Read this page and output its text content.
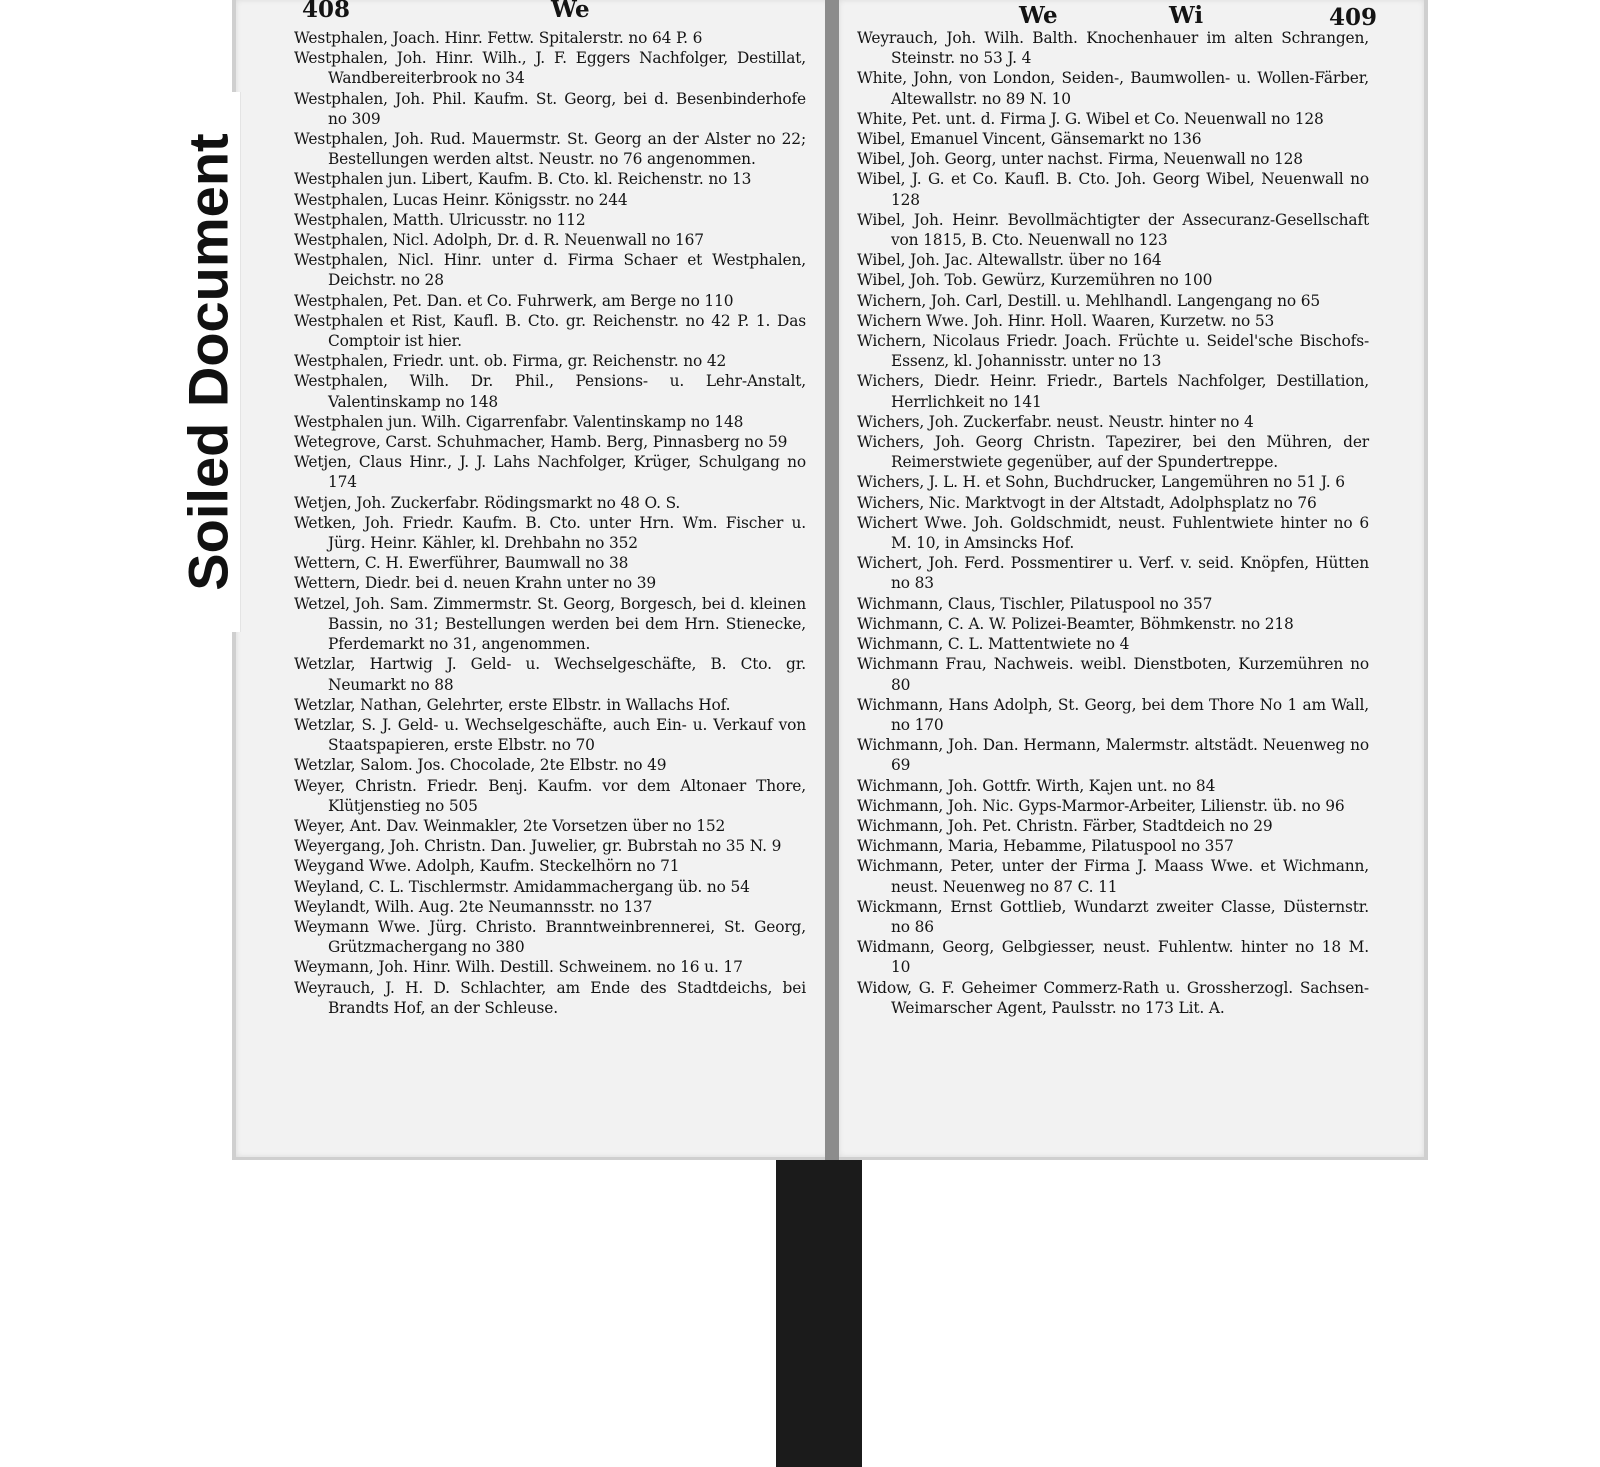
408	We
Westphalen, Joach. Hinr. Fettw. Spitalerstr. no 64 P. 6
Westphalen, Joh. Hinr. Wilh., J. F. Eggers Nachfolger, Destillat, Wandbereiterbrook no 34
Westphalen, Joh. Phil. Kaufm. St. Georg, bei d. Besenbinderhofe no 309
Westphalen, Joh. Rud. Mauermstr. St. Georg an der Alster no 22; Bestellungen werden altst. Neustr. no 76 angenommen.
Westphalen jun. Libert, Kaufm. B. Cto. kl. Reichenstr. no 13
Westphalen, Lucas Heinr. Königsstr. no 244
Westphalen, Matth. Ulricusstr. no 112
Westphalen, Nicl. Adolph, Dr. d. R. Neuenwall no 167
Westphalen, Nicl. Hinr. unter d. Firma Schaer et Westphalen, Deichstr. no 28
Westphalen, Pet. Dan. et Co. Fuhrwerk, am Berge no 110
Westphalen et Rist, Kaufl. B. Cto. gr. Reichenstr. no 42 P. 1. Das Comptoir ist hier.
Westphalen, Friedr. unt. ob. Firma, gr. Reichenstr. no 42
Westphalen, Wilh. Dr. Phil., Pensions- u. Lehr-Anstalt, Valentinskamp no 148
Westphalen jun. Wilh. Cigarrenfabr. Valentinskamp no 148
Wetegrove, Carst. Schuhmacher, Hamb. Berg, Pinnasberg no 59
Wetjen, Claus Hinr., J. J. Lahs Nachfolger, Krüger, Schulgang no 174
Wetjen, Joh. Zuckerfabr. Rödingsmarkt no 48 O. S.
Wetken, Joh. Friedr. Kaufm. B. Cto. unter Hrn. Wm. Fischer u. Jürg. Heinr. Kähler, kl. Drehbahn no 352
Wettern, C. H. Ewerführer, Baumwall no 38
Wettern, Diedr. bei d. neuen Krahn unter no 39
Wetzel, Joh. Sam. Zimmermstr. St. Georg, Borgesch, bei d. kleinen Bassin, no 31; Bestellungen werden bei dem Hrn. Stienecke, Pferdemarkt no 31, angenommen.
Wetzlar, Hartwig J. Geld- u. Wechselgeschäfte, B. Cto. gr. Neumarkt no 88
Wetzlar, Nathan, Gelehrter, erste Elbstr. in Wallachs Hof.
Wetzlar, S. J. Geld- u. Wechselgeschäfte, auch Ein- u. Verkauf von Staatspapieren, erste Elbstr. no 70
Wetzlar, Salom. Jos. Chocolade, 2te Elbstr. no 49
Weyer, Christn. Friedr. Benj. Kaufm. vor dem Altonaer Thore, Klütjenstieg no 505
Weyer, Ant. Dav. Weinmakler, 2te Vorsetzen über no 152
Weyergang, Joh. Christn. Dan. Juwelier, gr. Bubrstah no 35 N. 9
Weygand Wwe. Adolph, Kaufm. Steckelhörn no 71
Weyland, C. L. Tischlermstr. Amidammachergang üb. no 54
Weylandt, Wilh. Aug. 2te Neumannsstr. no 137
Weymann Wwe. Jürg. Christo. Branntweinbrennerei, St. Georg, Grützmachergang no 380
Weymann, Joh. Hinr. Wilh. Destill. Schweinem. no 16 u. 17
Weyrauch, J. H. D. Schlachter, am Ende des Stadtdeichs, bei Brandts Hof, an der Schleuse.
We	Wi	409
Weyrauch, Joh. Wilh. Balth. Knochenhauer im alten Schrangen, Steinstr. no 53 J. 4
White, John, von London, Seiden-, Baumwollen- u. Wollen-Färber, Altewallstr. no 89 N. 10
White, Pet. unt. d. Firma J. G. Wibel et Co. Neuenwall no 128
Wibel, Emanuel Vincent, Gänsemarkt no 136
Wibel, Joh. Georg, unter nachst. Firma, Neuenwall no 128
Wibel, J. G. et Co. Kaufl. B. Cto. Joh. Georg Wibel, Neuenwall no 128
Wibel, Joh. Heinr. Bevollmächtigter der Assecuranz-Gesellschaft von 1815, B. Cto. Neuenwall no 123
Wibel, Joh. Jac. Altewallstr. über no 164
Wibel, Joh. Tob. Gewürz, Kurzemühren no 100
Wichern, Joh. Carl, Destill. u. Mehlhandl. Langengang no 65
Wichern Wwe. Joh. Hinr. Holl. Waaren, Kurzetw. no 53
Wichern, Nicolaus Friedr. Joach. Früchte u. Seidel'sche Bischofs-Essenz, kl. Johannisstr. unter no 13
Wichers, Diedr. Heinr. Friedr., Bartels Nachfolger, Destillation, Herrlichkeit no 141
Wichers, Joh. Zuckerfabr. neust. Neustr. hinter no 4
Wichers, Joh. Georg Christn. Tapezirer, bei den Mühren, der Reimerstwiete gegenüber, auf der Spundertreppe.
Wichers, J. L. H. et Sohn, Buchdrucker, Langemühren no 51 J. 6
Wichers, Nic. Marktvogt in der Altstadt, Adolphsplatz no 76
Wichert Wwe. Joh. Goldschmidt, neust. Fuhlentwiete hinter no 6 M. 10, in Amsincks Hof.
Wichert, Joh. Ferd. Possmentirer u. Verf. v. seid. Knöpfen, Hütten no 83
Wichmann, Claus, Tischler, Pilatuspool no 357
Wichmann, C. A. W. Polizei-Beamter, Böhmkenstr. no 218
Wichmann, C. L. Mattentwiete no 4
Wichmann Frau, Nachweis. weibl. Dienstboten, Kurzemühren no 80
Wichmann, Hans Adolph, St. Georg, bei dem Thore No 1 am Wall, no 170
Wichmann, Joh. Dan. Hermann, Malermstr. altstädt. Neuenweg no 69
Wichmann, Joh. Gottfr. Wirth, Kajen unt. no 84
Wichmann, Joh. Nic. Gyps-Marmor-Arbeiter, Lilienstr. üb. no 96
Wichmann, Joh. Pet. Christn. Färber, Stadtdeich no 29
Wichmann, Maria, Hebamme, Pilatuspool no 357
Wichmann, Peter, unter der Firma J. Maass Wwe. et Wichmann, neust. Neuenweg no 87 C. 11
Wickmann, Ernst Gottlieb, Wundarzt zweiter Classe, Düsternstr. no 86
Widmann, Georg, Gelbgiesser, neust. Fuhlentw. hinter no 18 M. 10
Widow, G. F. Geheimer Commerz-Rath u. Grossherzogl. Sachsen-Weimarscher Agent, Paulsstr. no 173 Lit. A.
Soiled Document
